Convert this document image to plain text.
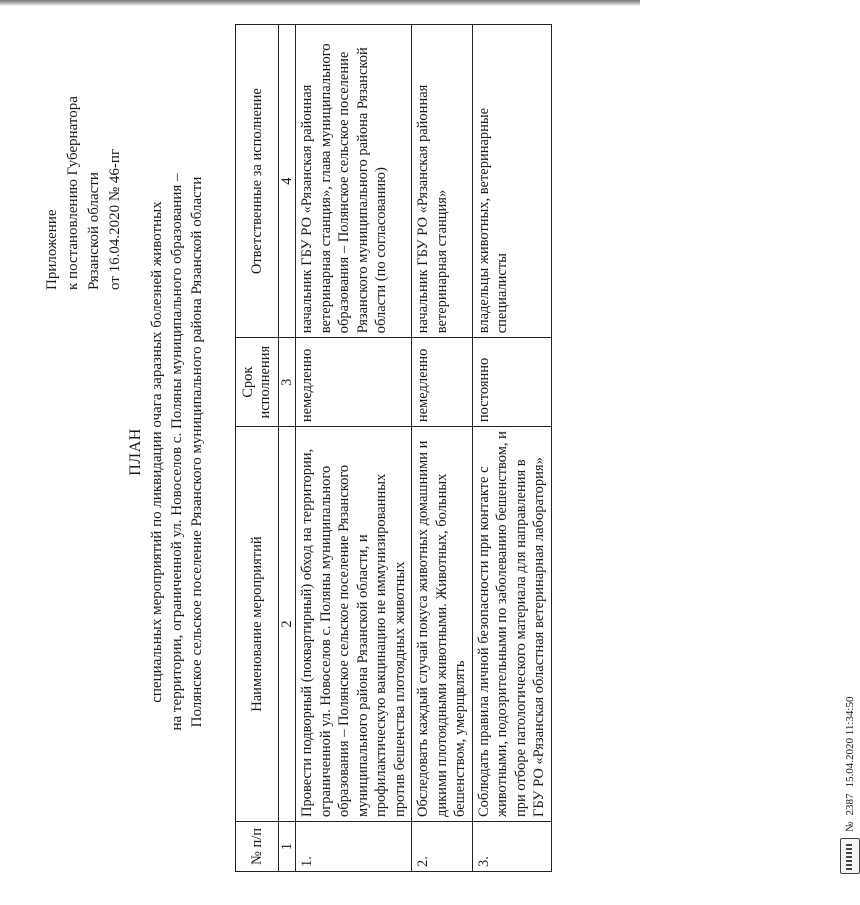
Приложение к постановлению Губернатора Рязанской области от 16.04.2020 № 46-пг
ПЛАН специальных мероприятий по ликвидации очага заразных болезней животных на территории, ограниченной ул. Новоселов с. Поляны муниципального образования – Полянское сельское поселение Рязанского муниципального района Рязанской области
№ п/п	Наименование мероприятий	Срок исполнения	Ответственные за исполнение
1	2	3	4
1.	Провести подворный (поквартирный) обход на территории, ограниченной ул. Новоселов с. Поляны муниципального образования – Полянское сельское поселение Рязанского муниципального района Рязанской области, и профилактическую вакцинацию не иммунизированных против бешенства плотоядных животных	немедленно	начальник ГБУ РО «Рязанская районная ветеринарная станция», глава муниципального образования – Полянское сельское поселение Рязанского муниципального района Рязанской области (по согласованию)
2.	Обследовать каждый случай покуса животных домашними и дикими плотоядными животными. Животных, больных бешенством, умерщвлять	немедленно	начальник ГБУ РО «Рязанская районная ветеринарная станция»
3.	Соблюдать правила личной безопасности при контакте с животными, подозрительными по заболеванию бешенством, и при отборе патологического материала для направления в ГБУ РО «Рязанская областная ветеринарная лаборатория»	постоянно	владельцы животных, ветеринарные специалисты
№
2387
15.04.2020 11:34:50
